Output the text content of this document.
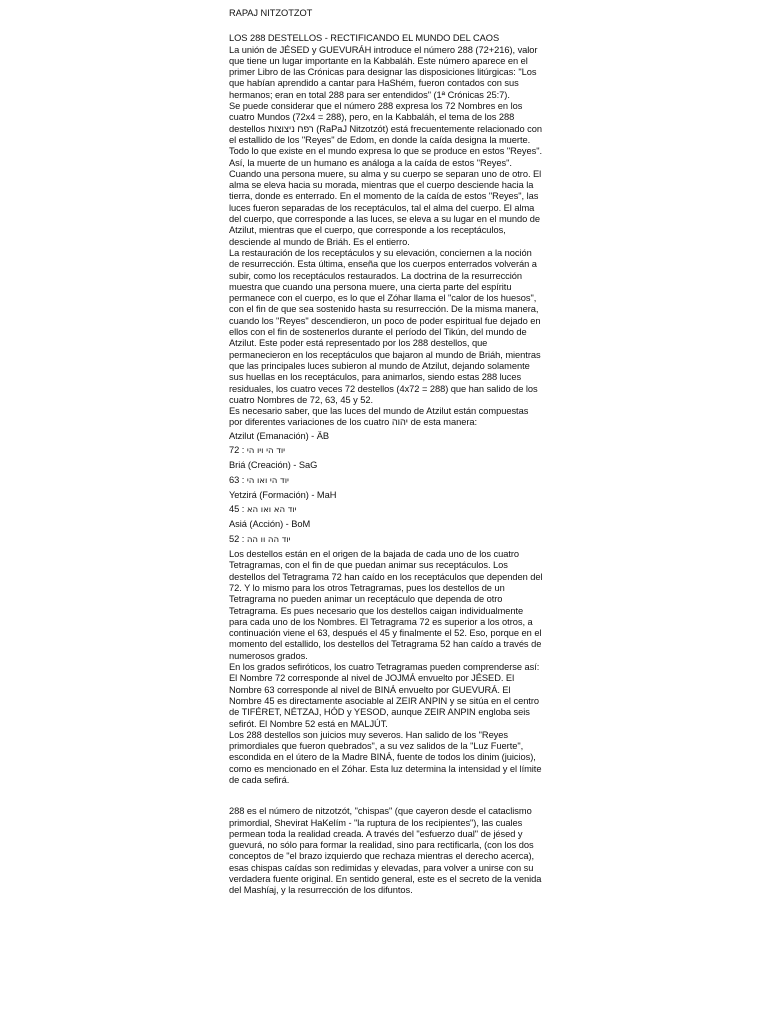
RAPAJ NITZOTZOT

LOS 288 DESTELLOS - RECTIFICANDO EL MUNDO DEL CAOS

La unión de JÉSED y GUEVURÁH introduce el número 288 (72+216), valor que tiene un lugar importante en la Kabbaláh. Este número aparece en el primer Libro de las Crónicas para designar las disposiciones litúrgicas: "Los que habían aprendido a cantar para HaShém, fueron contados con sus hermanos; eran en total 288 para ser entendidos" (1ª Crónicas 25:7).

Se puede considerar que el número 288 expresa los 72 Nombres en los cuatro Mundos (72x4 = 288), pero, en la Kabbaláh, el tema de los 288 destellos רפח ניצוצות (RaPaJ Nitzotzót) está frecuentemente relacionado con el estallido de los "Reyes" de Edom, en donde la caída designa la muerte. Todo lo que existe en el mundo expresa lo que se produce en estos "Reyes". Así, la muerte de un humano es análoga a la caída de estos "Reyes". Cuando una persona muere, su alma y su cuerpo se separan uno de otro. El alma se eleva hacia su morada, mientras que el cuerpo desciende hacia la tierra, donde es enterrado. En el momento de la caída de estos "Reyes", las luces fueron separadas de los receptáculos, tal el alma del cuerpo. El alma del cuerpo, que corresponde a las luces, se eleva a su lugar en el mundo de Atzilut, mientras que el cuerpo, que corresponde a los receptáculos, desciende al mundo de Briáh. Es el entierro.

La restauración de los receptáculos y su elevación, conciernen a la noción de resurrección. Esta última, enseña que los cuerpos enterrados volverán a subir, como los receptáculos restaurados. La doctrina de la resurrección muestra que cuando una persona muere, una cierta parte del espíritu permanece con el cuerpo, es lo que el Zóhar llama el "calor de los huesos", con el fin de que sea sostenido hasta su resurrección. De la misma manera, cuando los "Reyes" descendieron, un poco de poder espiritual fue dejado en ellos con el fin de sostenerlos durante el período del Tikún, del mundo de Atzilut. Este poder está representado por los 288 destellos, que permanecieron en los receptáculos que bajaron al mundo de Briáh, mientras que las principales luces subieron al mundo de Atzilut, dejando solamente sus huellas en los receptáculos, para animarlos, siendo estas 288 luces residuales, los cuatro veces 72 destellos (4x72 = 288) que han salido de los cuatro Nombres de 72, 63, 45 y 52.

Es necesario saber, que las luces del mundo de Atzilut están compuestas por diferentes variaciones de los cuatro יהוה de esta manera:

Atzilut (Emanación) - ÄB

72 : יוד הי ויו הי

Briá (Creación) - SaG

63 : יוד הי ואו הי

Yetzirá (Formación) - MaH

45 : יוד הא ואו הא

Asiá (Acción) - BoM

52 : יוד הה וו הה

Los destellos están en el origen de la bajada de cada uno de los cuatro Tetragramas, con el fin de que puedan animar sus receptáculos. Los destellos del Tetragrama 72 han caído en los receptáculos que dependen del 72. Y lo mismo para los otros Tetragramas, pues los destellos de un Tetragrama no pueden animar un receptáculo que dependa de otro Tetragrama. Es pues necesario que los destellos caigan individualmente para cada uno de los Nombres. El Tetragrama 72 es superior a los otros, a continuación viene el 63, después el 45 y finalmente el 52. Eso, porque en el momento del estallido, los destellos del Tetragrama 52 han caído a través de numerosos grados.

En los grados sefiróticos, los cuatro Tetragramas pueden comprenderse así: El Nombre 72 corresponde al nivel de JOJMÁ envuelto por JÉSED. El Nombre 63 corresponde al nivel de BINÁ envuelto por GUEVURÁ. El Nombre 45 es directamente asociable al ZEIR ANPIN y se sitúa en el centro de TIFÉRET, NÉTZAJ, HÓD y YESOD, aunque ZEIR ANPIN engloba seis sefirót. El Nombre 52 está en MALJÚT.

Los 288 destellos son juicios muy severos. Han salido de los "Reyes primordiales que fueron quebrados", a su vez salidos de la "Luz Fuerte", escondida en el útero de la Madre BINÁ, fuente de todos los dinim (juicios), como es mencionado en el Zóhar. Esta luz determina la intensidad y el límite de cada sefirá.

288 es el número de nitzotzót, "chispas" (que cayeron desde el cataclismo primordial, Shevirat HaKelím - "la ruptura de los recipientes"), las cuales permean toda la realidad creada. A través del "esfuerzo dual" de jésed y guevurá, no sólo para formar la realidad, sino para rectificarla, (con los dos conceptos de "el brazo izquierdo que rechaza mientras el derecho acerca), esas chispas caídas son redimidas y elevadas, para volver a unirse con su verdadera fuente original. En sentido general, este es el secreto de la venida del Mashíaj, y la resurrección de los difuntos.
